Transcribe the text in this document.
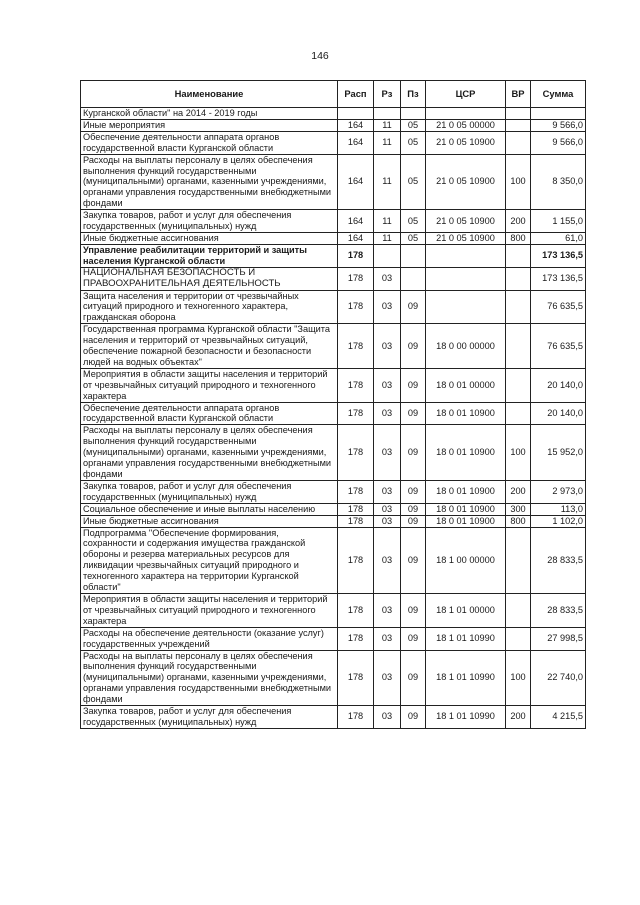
146
Наименование	Расп	Рз	Пз	ЦСР	ВР	Сумма
Курганской области" на 2014 - 2019 годы						
Иные мероприятия	164	11	05	21 0 05 00000		9 566,0
Обеспечение деятельности аппарата органов государственной власти Курганской области	164	11	05	21 0 05 10900		9 566,0
Расходы на выплаты персоналу в целях обеспечения выполнения функций государственными (муниципальными) органами, казенными учреждениями, органами управления государственными внебюджетными фондами	164	11	05	21 0 05 10900	100	8 350,0
Закупка товаров, работ и услуг для обеспечения государственных (муниципальных) нужд	164	11	05	21 0 05 10900	200	1 155,0
Иные бюджетные ассигнования	164	11	05	21 0 05 10900	800	61,0
Управление реабилитации территорий и защиты населения Курганской области	178					173 136,5
НАЦИОНАЛЬНАЯ БЕЗОПАСНОСТЬ И ПРАВООХРАНИТЕЛЬНАЯ ДЕЯТЕЛЬНОСТЬ	178	03				173 136,5
Защита населения и территории от чрезвычайных ситуаций природного и техногенного характера, гражданская оборона	178	03	09			76 635,5
Государственная программа Курганской области "Защита населения и территорий от чрезвычайных ситуаций, обеспечение пожарной безопасности и безопасности людей на водных объектах"	178	03	09	18 0 00 00000		76 635,5
Мероприятия в области защиты населения и территорий от чрезвычайных ситуаций природного и техногенного характера	178	03	09	18 0 01 00000		20 140,0
Обеспечение деятельности аппарата органов государственной власти Курганской области	178	03	09	18 0 01 10900		20 140,0
Расходы на выплаты персоналу в целях обеспечения выполнения функций государственными (муниципальными) органами, казенными учреждениями, органами управления государственными внебюджетными фондами	178	03	09	18 0 01 10900	100	15 952,0
Закупка товаров, работ и услуг для обеспечения государственных (муниципальных) нужд	178	03	09	18 0 01 10900	200	2 973,0
Социальное обеспечение и иные выплаты населению	178	03	09	18 0 01 10900	300	113,0
Иные бюджетные ассигнования	178	03	09	18 0 01 10900	800	1 102,0
Подпрограмма "Обеспечение формирования, сохранности и содержания имущества гражданской обороны и резерва материальных ресурсов для ликвидации чрезвычайных ситуаций природного и техногенного характера на территории Курганской области"	178	03	09	18 1 00 00000		28 833,5
Мероприятия в области защиты населения и территорий от чрезвычайных ситуаций природного и техногенного характера	178	03	09	18 1 01 00000		28 833,5
Расходы на обеспечение деятельности (оказание услуг) государственных учреждений	178	03	09	18 1 01 10990		27 998,5
Расходы на выплаты персоналу в целях обеспечения выполнения функций государственными (муниципальными) органами, казенными учреждениями, органами управления государственными внебюджетными фондами	178	03	09	18 1 01 10990	100	22 740,0
Закупка товаров, работ и услуг для обеспечения государственных (муниципальных) нужд	178	03	09	18 1 01 10990	200	4 215,5
